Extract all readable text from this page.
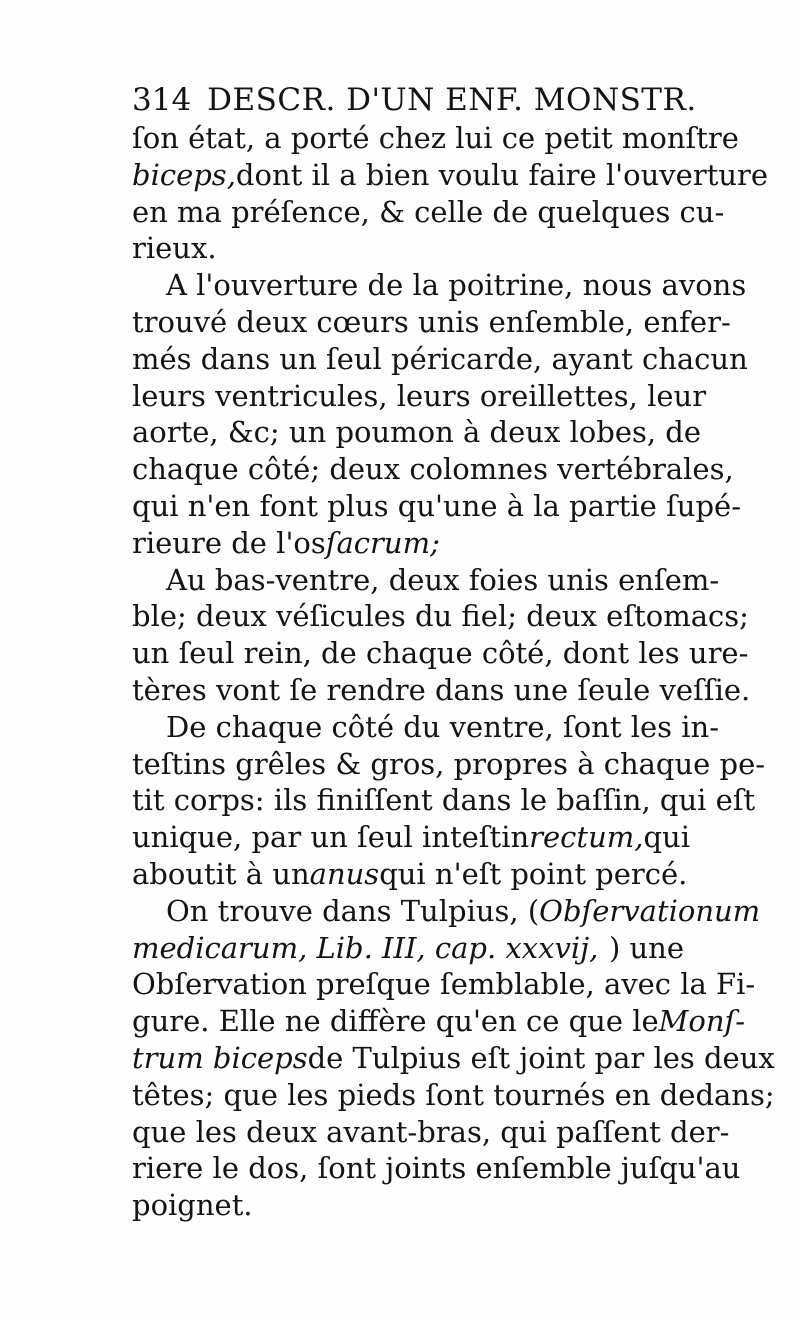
314 DESCR. D'UN ENF. MONSTR.
ſon état, a porté chez lui ce petit monſtre
biceps, dont il a bien voulu faire l'ouverture
en ma préſence, & celle de quelques cu-
rieux.
A l'ouverture de la poitrine, nous avons
trouvé deux cœurs unis enſemble, enfer-
més dans un ſeul péricarde, ayant chacun
leurs ventricules, leurs oreillettes, leur
aorte, &c; un poumon à deux lobes, de
chaque côté; deux colomnes vertébrales,
qui n'en font plus qu'une à la partie ſupé-
rieure de l'os ſacrum;
Au bas-ventre, deux foies unis enſem-
ble; deux véſicules du fiel; deux eſtomacs;
un ſeul rein, de chaque côté, dont les ure-
tères vont ſe rendre dans une ſeule veſſie.
De chaque côté du ventre, ſont les in-
teſtins grêles & gros, propres à chaque pe-
tit corps: ils finiſſent dans le baſſin, qui eſt
unique, par un ſeul inteſtin rectum, qui
aboutit à un anus qui n'eſt point percé.
On trouve dans Tulpius, ( Obſervationum
medicarum, Lib. III, cap. xxxvij, ) une
Obſervation preſque ſemblable, avec la Fi-
gure. Elle ne diffère qu'en ce que le Monſ-
trum biceps de Tulpius eſt joint par les deux
têtes; que les pieds ſont tournés en dedans;
que les deux avant-bras, qui paſſent der-
riere le dos, ſont joints enſemble juſqu'au
poignet.
